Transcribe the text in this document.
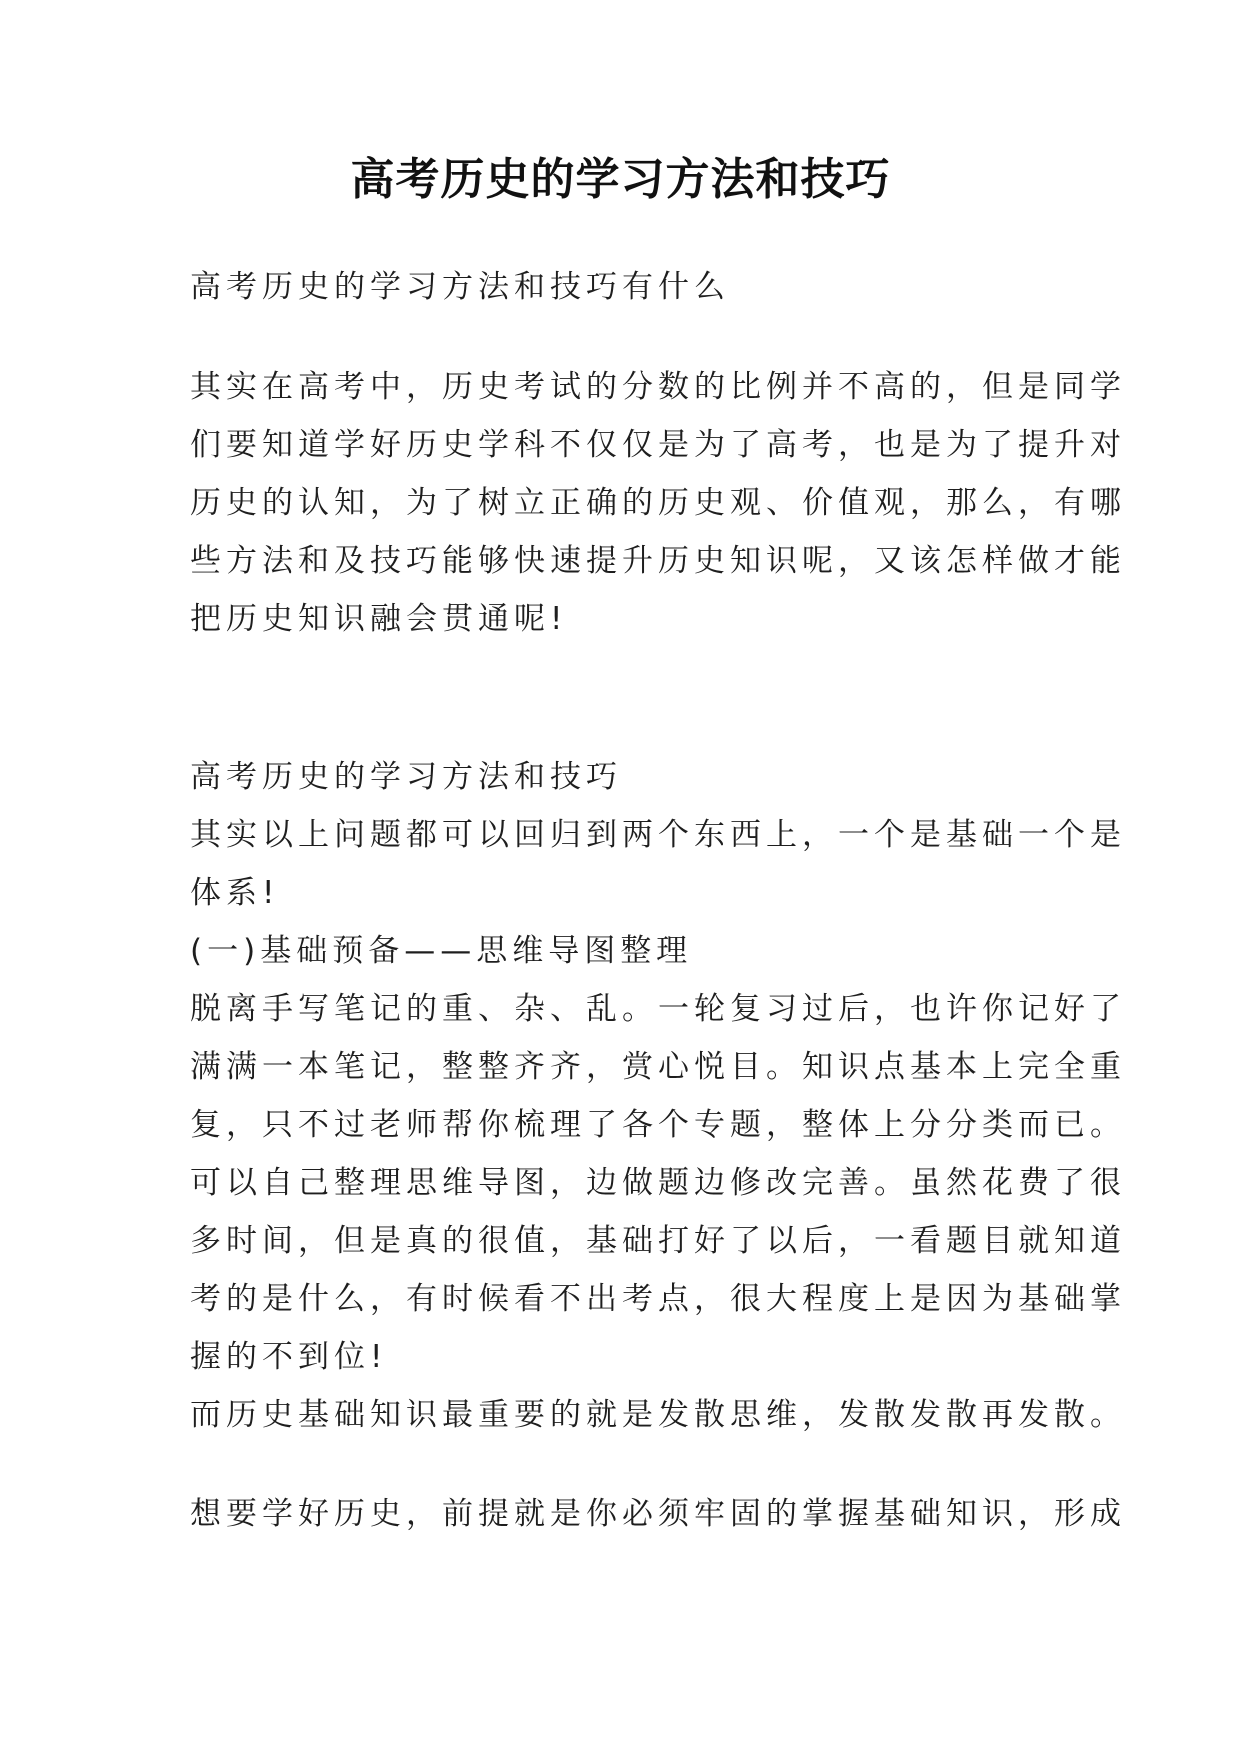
高考历史的学习方法和技巧
高考历史的学习方法和技巧有什么
其实在高考中，历史考试的分数的比例并不高的，但是同学
们要知道学好历史学科不仅仅是为了高考，也是为了提升对
历史的认知，为了树立正确的历史观、价值观，那么，有哪
些方法和及技巧能够快速提升历史知识呢，又该怎样做才能
把历史知识融会贯通呢!
高考历史的学习方法和技巧
其实以上问题都可以回归到两个东西上，一个是基础一个是
体系!
(一)基础预备——思维导图整理
脱离手写笔记的重、杂、乱。一轮复习过后，也许你记好了
满满一本笔记，整整齐齐，赏心悦目。知识点基本上完全重
复，只不过老师帮你梳理了各个专题，整体上分分类而已。
可以自己整理思维导图，边做题边修改完善。虽然花费了很
多时间，但是真的很值，基础打好了以后，一看题目就知道
考的是什么，有时候看不出考点，很大程度上是因为基础掌
握的不到位!
而历史基础知识最重要的就是发散思维，发散发散再发散。
想要学好历史，前提就是你必须牢固的掌握基础知识，形成
